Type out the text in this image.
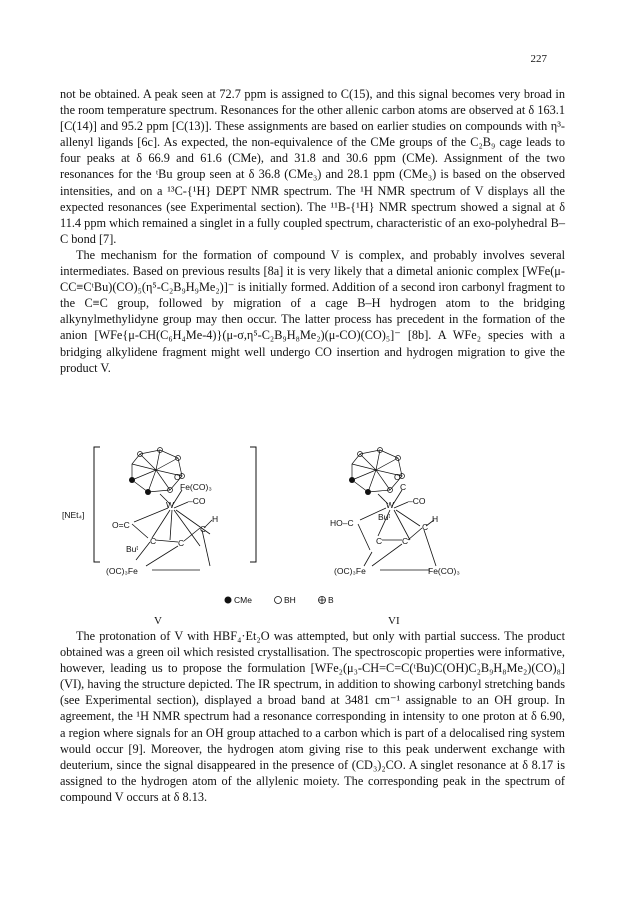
227

not be obtained. A peak seen at 72.7 ppm is assigned to C(15), and this signal becomes very broad in the room temperature spectrum. Resonances for the other allenic carbon atoms are observed at δ 163.1 [C(14)] and 95.2 ppm [C(13)]. These assignments are based on earlier studies on compounds with η³-allenyl ligands [6c]. As expected, the non-equivalence of the CMe groups of the C₂B₉ cage leads to four peaks at δ 66.9 and 61.6 (CMe), and 31.8 and 30.6 ppm (CMe). Assignment of the two resonances for the ᵗBu group seen at δ 36.8 (CMe₃) and 28.1 ppm (CMe₃) is based on the observed intensities, and on a ¹³C-{¹H} DEPT NMR spectrum. The ¹H NMR spectrum of V displays all the expected resonances (see Experimental section). The ¹¹B-{¹H} NMR spectrum showed a signal at δ 11.4 ppm which remained a singlet in a fully coupled spectrum, characteristic of an exo-polyhedral B–C bond [7].

The mechanism for the formation of compound V is complex, and probably involves several intermediates. Based on previous results [8a] it is very likely that a dimetal anionic complex [WFe(μ-CC≡CᵗBu)(CO)₅(η⁵-C₂B₉H₉Me₂)]⁻ is initially formed. Addition of a second iron carbonyl fragment to the C≡C group, followed by migration of a cage B–H hydrogen atom to the bridging alkynylmethylidyne group may then occur. The latter process has precedent in the formation of the anion [WFe{μ-CH(C₆H₄Me-4)}(μ-σ,η⁵-C₂B₉H₈Me₂)(μ-CO)(CO)₅]⁻ [8b]. A WFe₂ species with a bridging alkylidene fragment might well undergo CO insertion and hydrogen migration to give the product V.

[NEt₄]
O
Fe(CO)₃
–CO
W
O=C
C	C
C
H
Buᵗ
(OC)₃Fe
O
C
–CO
W
Buᵗ
HO–C
C C
C
H
(OC)₃Fe	Fe(CO)₃
CMe	BH	B
V	VI

The protonation of V with HBF₄·Et₂O was attempted, but only with partial success. The product obtained was a green oil which resisted crystallisation. The spectroscopic properties were informative, however, leading us to propose the formulation [WFe₂(μ₃-CH=C=C(ᵗBu)C(OH)C₂B₉H₈Me₂)(CO)₈] (VI), having the structure depicted. The IR spectrum, in addition to showing carbonyl stretching bands (see Experimental section), displayed a broad band at 3481 cm⁻¹ assignable to an OH group. In agreement, the ¹H NMR spectrum had a resonance corresponding in intensity to one proton at δ 6.90, a region where signals for an OH group attached to a carbon which is part of a delocalised ring system would occur [9]. Moreover, the hydrogen atom giving rise to this peak underwent exchange with deuterium, since the signal disappeared in the presence of (CD₃)₂CO. A singlet resonance at δ 8.17 is assigned to the hydrogen atom of the allylenic moiety. The corresponding peak in the spectrum of compound V occurs at δ 8.13.
